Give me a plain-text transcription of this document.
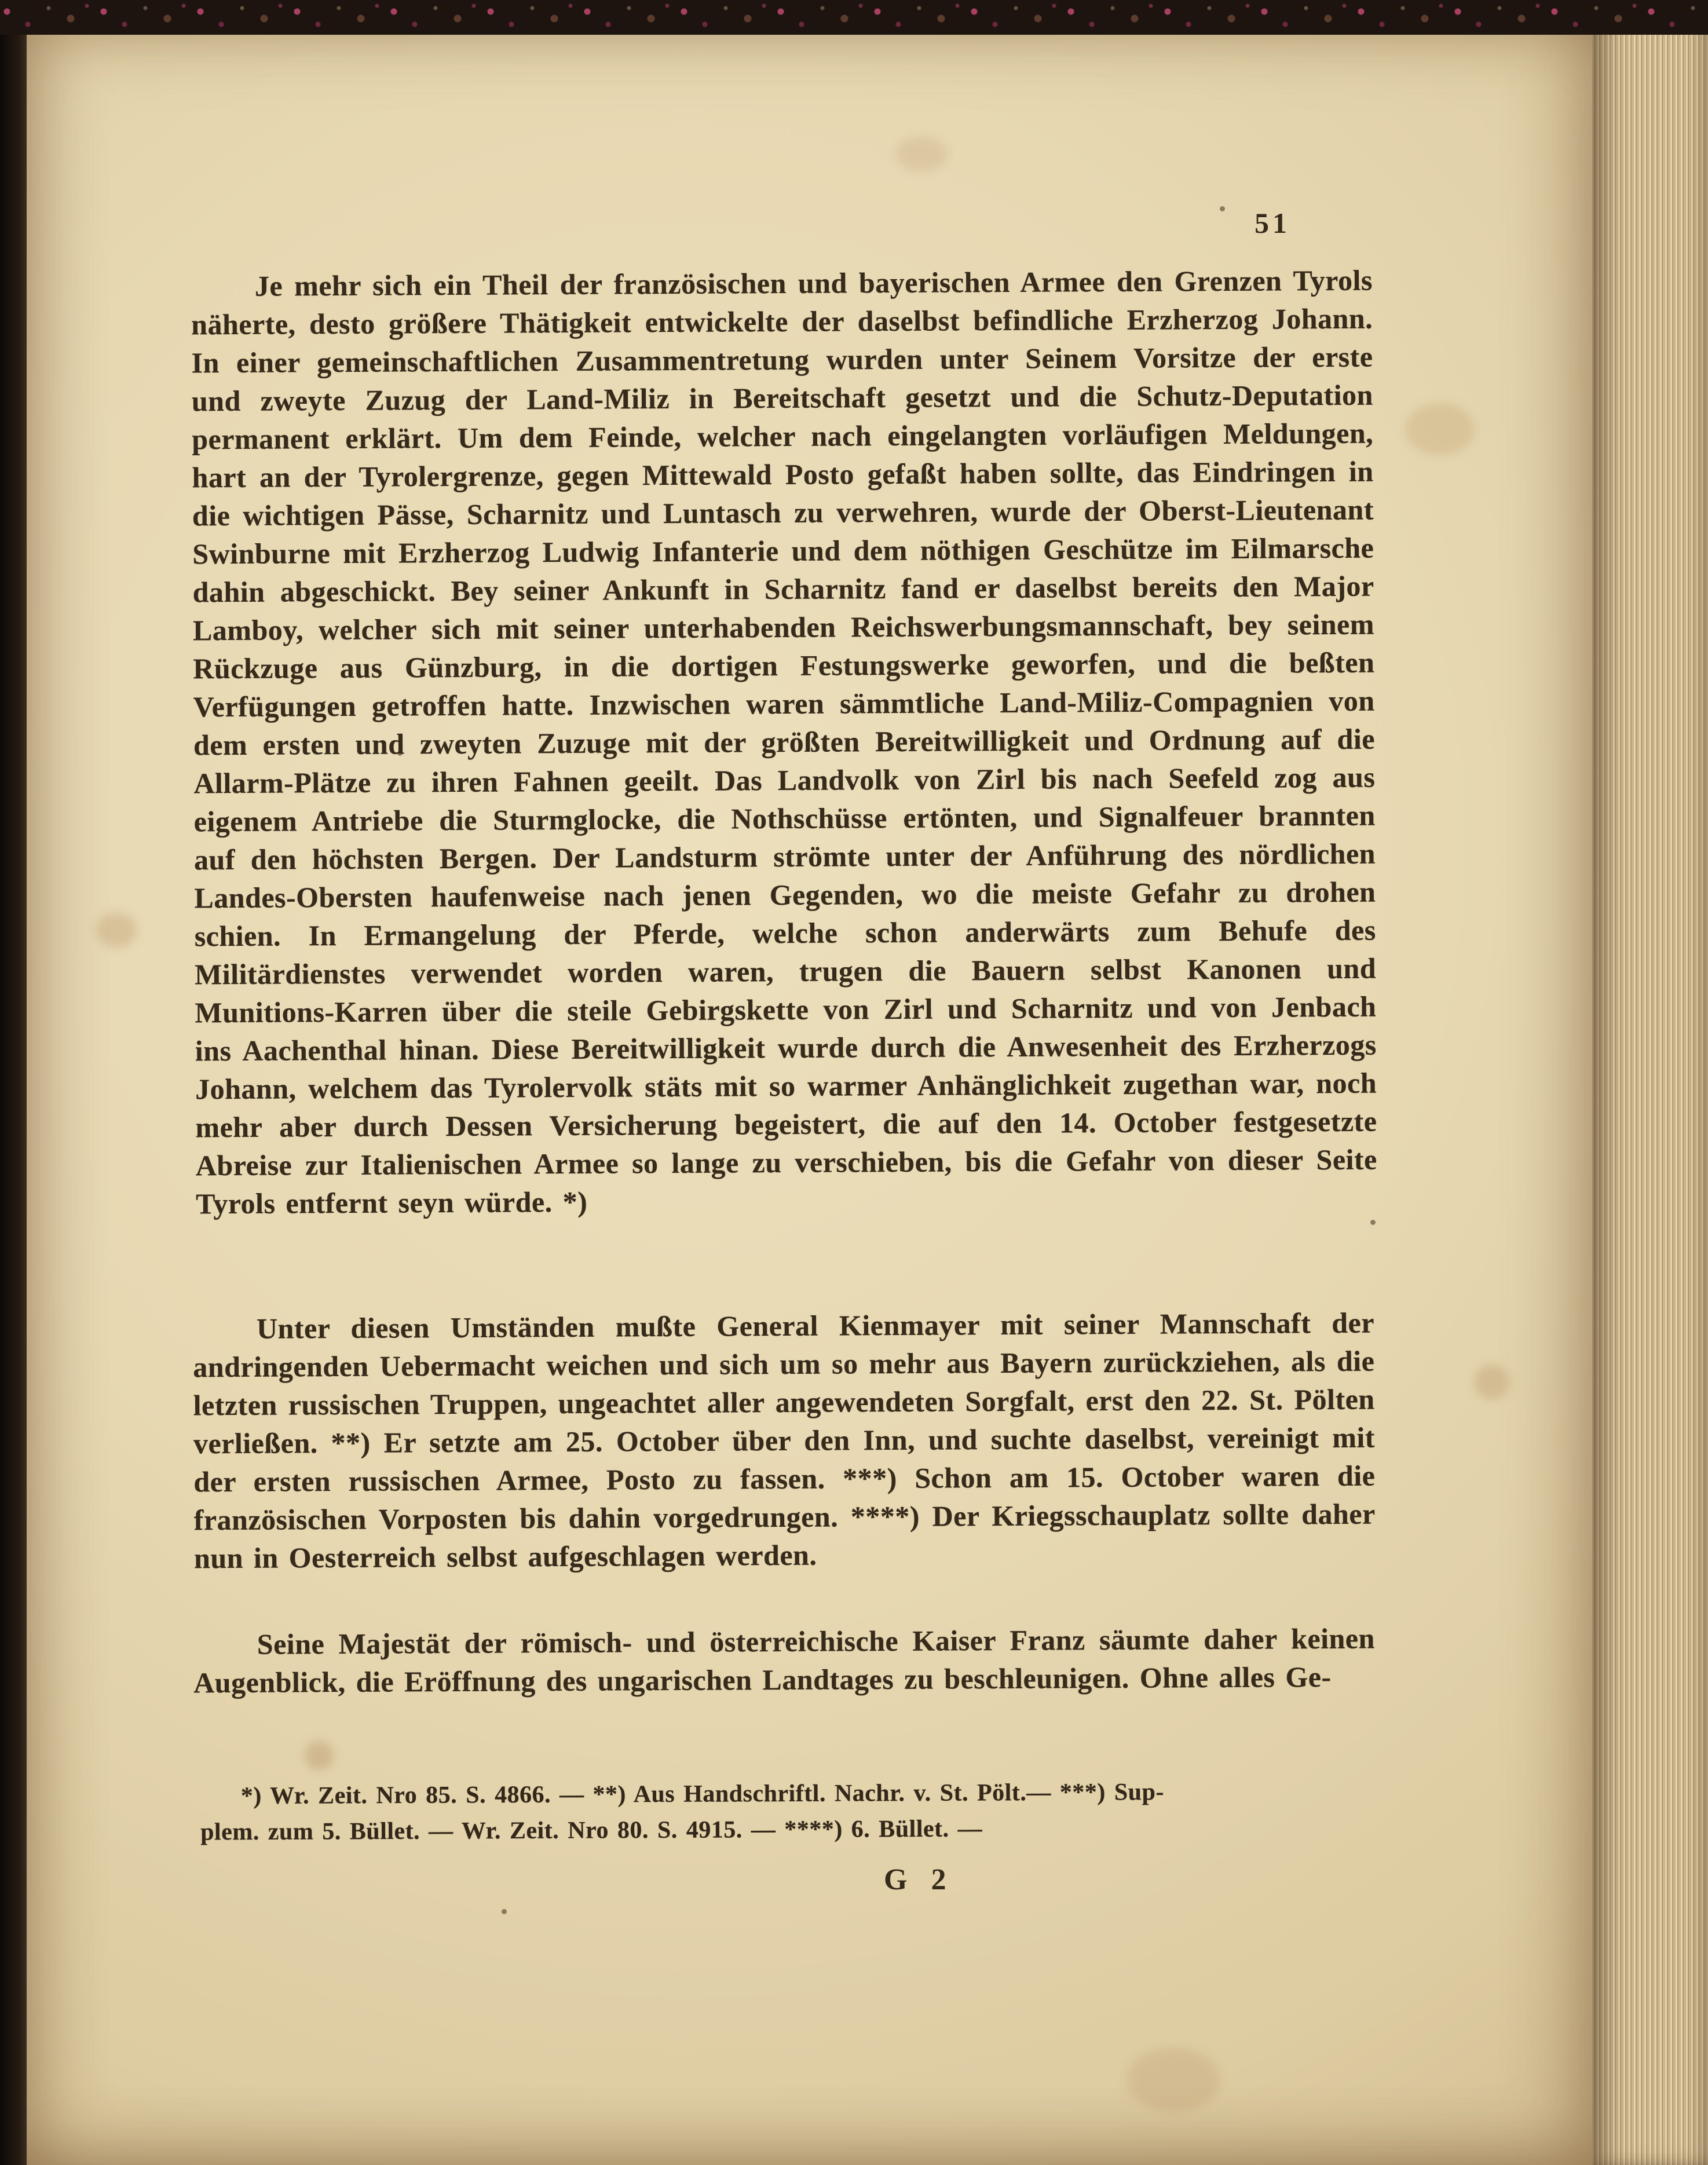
51

Je mehr sich ein Theil der französischen und bayerischen Armee den Grenzen Tyrols näherte, desto größere Thätigkeit entwickelte der daselbst befindliche Erzherzog Johann. In einer gemeinschaftlichen Zusammentretung wurden unter Seinem Vorsitze der erste und zweyte Zuzug der Land-Miliz in Bereitschaft gesetzt und die Schutz-Deputation permanent erklärt. Um dem Feinde, welcher nach eingelangten vorläufigen Meldungen, hart an der Tyrolergrenze, gegen Mittewald Posto gefaßt haben sollte, das Eindringen in die wichtigen Pässe, Scharnitz und Luntasch zu verwehren, wurde der Oberst-Lieutenant Swinburne mit Erzherzog Ludwig Infanterie und dem nöthigen Geschütze im Eilmarsche dahin abgeschickt. Bey seiner Ankunft in Scharnitz fand er daselbst bereits den Major Lamboy, welcher sich mit seiner unterhabenden Reichswerbungsmannschaft, bey seinem Rückzuge aus Günzburg, in die dortigen Festungswerke geworfen, und die beßten Verfügungen getroffen hatte. Inzwischen waren sämmtliche Land-Miliz-Compagnien von dem ersten und zweyten Zuzuge mit der größten Bereitwilligkeit und Ordnung auf die Allarm-Plätze zu ihren Fahnen geeilt. Das Landvolk von Zirl bis nach Seefeld zog aus eigenem Antriebe die Sturmglocke, die Nothschüsse ertönten, und Signalfeuer brannten auf den höchsten Bergen. Der Landsturm strömte unter der Anführung des nördlichen Landes-Obersten haufenweise nach jenen Gegenden, wo die meiste Gefahr zu drohen schien. In Ermangelung der Pferde, welche schon anderwärts zum Behufe des Militärdienstes verwendet worden waren, trugen die Bauern selbst Kanonen und Munitions-Karren über die steile Gebirgskette von Zirl und Scharnitz und von Jenbach ins Aachenthal hinan. Diese Bereitwilligkeit wurde durch die Anwesenheit des Erzherzogs Johann, welchem das Tyrolervolk stäts mit so warmer Anhänglichkeit zugethan war, noch mehr aber durch Dessen Versicherung begeistert, die auf den 14. October festgesetzte Abreise zur Italienischen Armee so lange zu verschieben, bis die Gefahr von dieser Seite Tyrols entfernt seyn würde. *)

Unter diesen Umständen mußte General Kienmayer mit seiner Mannschaft der andringenden Uebermacht weichen und sich um so mehr aus Bayern zurückziehen, als die letzten russischen Truppen, ungeachtet aller angewendeten Sorgfalt, erst den 22. St. Pölten verließen. **) Er setzte am 25. October über den Inn, und suchte daselbst, vereinigt mit der ersten russischen Armee, Posto zu fassen. ***) Schon am 15. October waren die französischen Vorposten bis dahin vorgedrungen. ****) Der Kriegsschauplatz sollte daher nun in Oesterreich selbst aufgeschlagen werden.

Seine Majestät der römisch- und österreichische Kaiser Franz säumte daher keinen Augenblick, die Eröffnung des ungarischen Landtages zu beschleunigen. Ohne alles Ge-

*) Wr. Zeit. Nro 85. S. 4866. — **) Aus Handschriftl. Nachr. v. St. Pölt.— ***) Sup-
plem. zum 5. Büllet. — Wr. Zeit. Nro 80. S. 4915. — ****) 6. Büllet. —
G 2
